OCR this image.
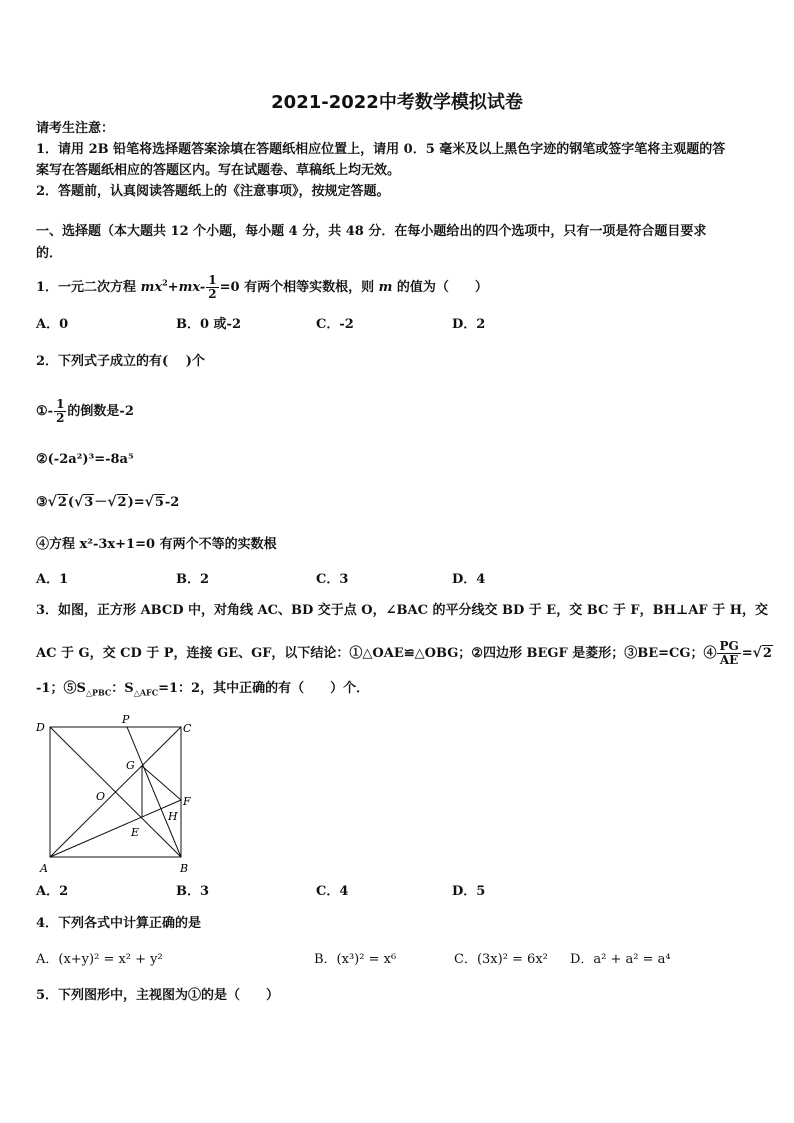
2021-2022中考数学模拟试卷
请考生注意：
1．请用 2B 铅笔将选择题答案涂填在答题纸相应位置上，请用 0．5 毫米及以上黑色字迹的钢笔或签字笔将主观题的答
案写在答题纸相应的答题区内。写在试题卷、草稿纸上均无效。
2．答题前，认真阅读答题纸上的《注意事项》，按规定答题。
一、选择题（本大题共 12 个小题，每小题 4 分，共 48 分．在每小题给出的四个选项中，只有一项是符合题目要求
的．
1．一元二次方程 $mx^2+mx- \frac{1}{2} =0$ 有两个相等实数根，则 m 的值为（　　）
A．0	B．0 或-2	C．-2	D．2
2．下列式子成立的有(　 )个
①- $\frac{1}{2}$ 的倒数是-2
②(-2a²)³=-8a⁵
③√2(√3－√2)=√5-2
④方程 x²-3x+1=0 有两个不等的实数根
A．1	B．2	C．3	D．4
3．如图，正方形 ABCD 中，对角线 AC、BD 交于点 O，∠BAC 的平分线交 BD 于 E，交 BC 于 F，BH⊥AF 于 H，交
AC 于 G，交 CD 于 P，连接 GE、GF，以下结论：①△OAE≌△OBG；②四边形 BEGF 是菱形；③BE=CG；④ $\frac{PG}{AE} =√2$
-1；$⑤S_{\triangle PBC}$：$S_{\triangle AFC}=1$：2，其中正确的有（　　）个．
D
P
C
G
O	F
H
E
A	B
A．2	B．3	C．4	D．5
4．下列各式中计算正确的是
A．(x+y)² = x² + y²	B．(x³)² = x⁶	C．(3x)² = 6x² D．a² + a² = a⁴
5．下列图形中，主视图为①的是（　　）
